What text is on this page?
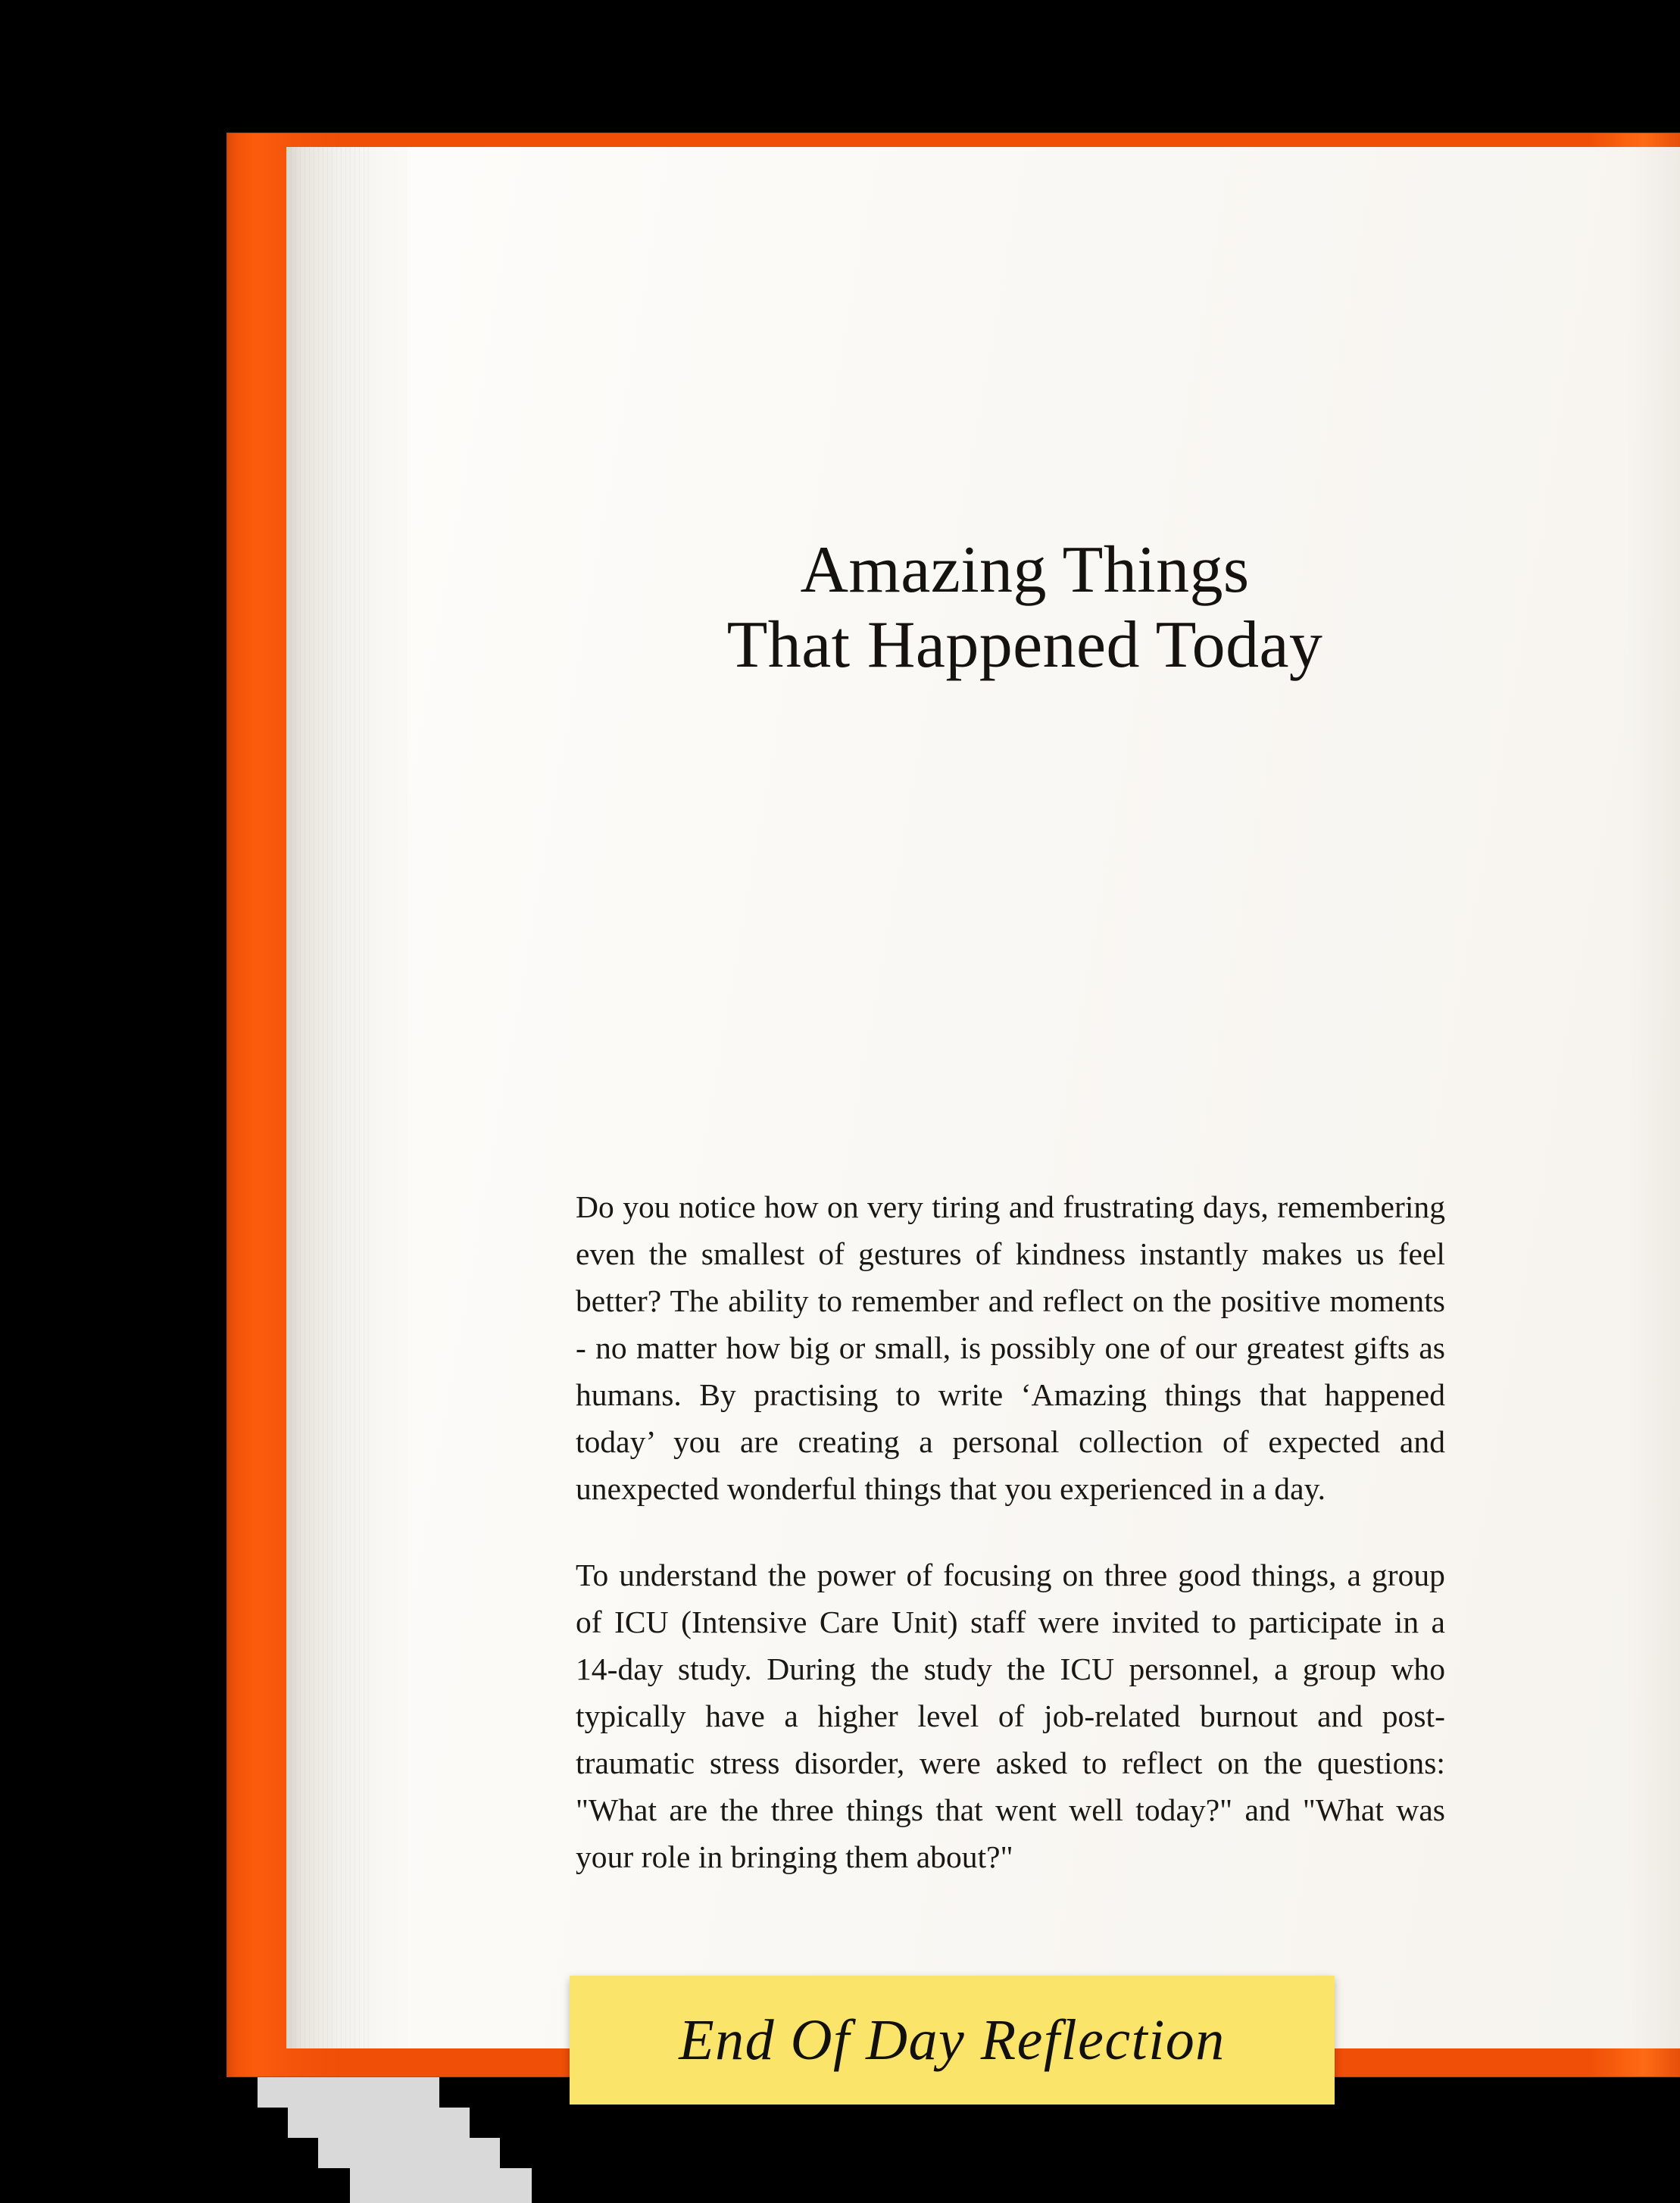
Amazing Things
That Happened Today

Do you notice how on very tiring and frustrating days, remembering even the smallest of gestures of kindness instantly makes us feel better? The ability to remember and reflect on the positive moments - no matter how big or small, is possibly one of our greatest gifts as humans. By practising to write ‘Amazing things that happened today’ you are creating a personal collection of expected and unexpected wonderful things that you experienced in a day.

To understand the power of focusing on three good things, a group of ICU (Intensive Care Unit) staff were invited to participate in a 14-day study. During the study the ICU personnel, a group who typically have a higher level of job-related burnout and post-traumatic stress disorder, were asked to reflect on the questions: "What are the three things that went well today?" and "What was your role in bringing them about?"

End Of Day Reflection
